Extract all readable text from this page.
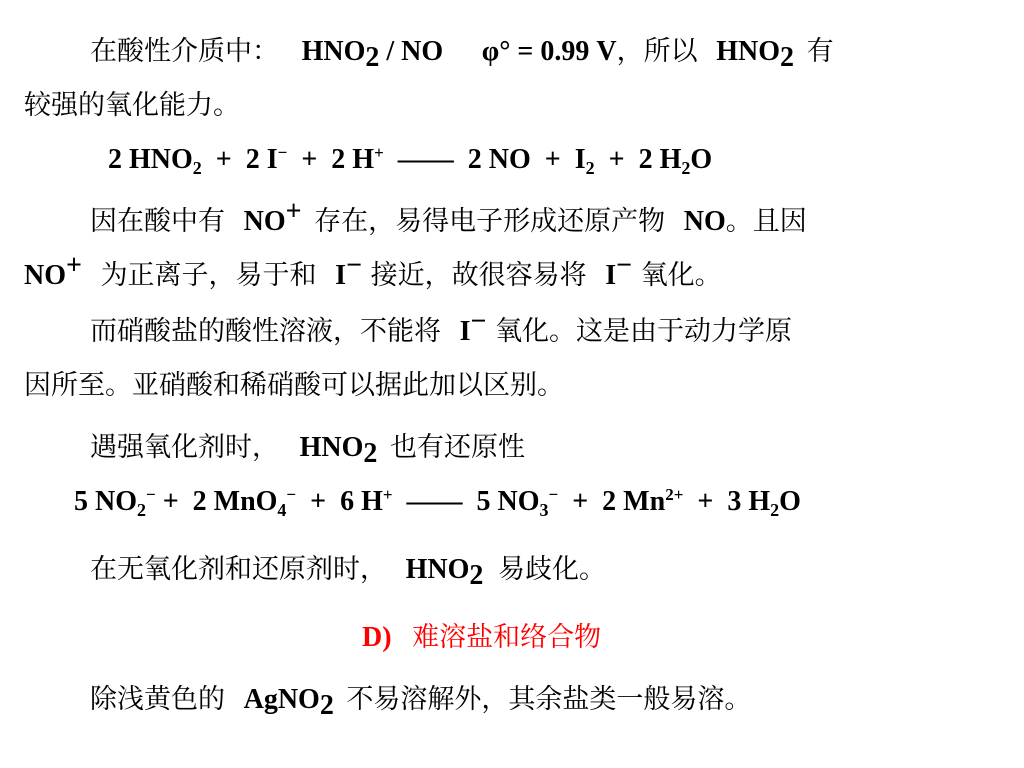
在酸性介质中： $HNO_2$ / NO φ° = 0.99 V，所以 $HNO_2$ 有
较强的氧化能力。
2 $HNO_2 + 2$ I−  +  2 H+  ——  2 NO  +  $I_2 + 2$ $H_2O$
因在酸中有 NO+ 存在，易得电子形成还原产物 NO。且因
NO+ 为正离子，易于和 I− 接近，故很容易将 I− 氧化。
而硝酸盐的酸性溶液，不能将 I− 氧化。这是由于动力学原
因所至。亚硝酸和稀硝酸可以据此加以区别。
遇强氧化剂时， $HNO_2$ 也有还原性
5 $NO_2^- + 2$ MnO$_4$−  +  6 H+  ——  5 $NO_3^- + 2$ $Mn^{2+} + 3$ $H_2O$
在无氧化剂和还原剂时， $HNO_2$ 易歧化。
D) 难溶盐和络合物
除浅黄色的 AgNO$_2$ 不易溶解外，其余盐类一般易溶。
